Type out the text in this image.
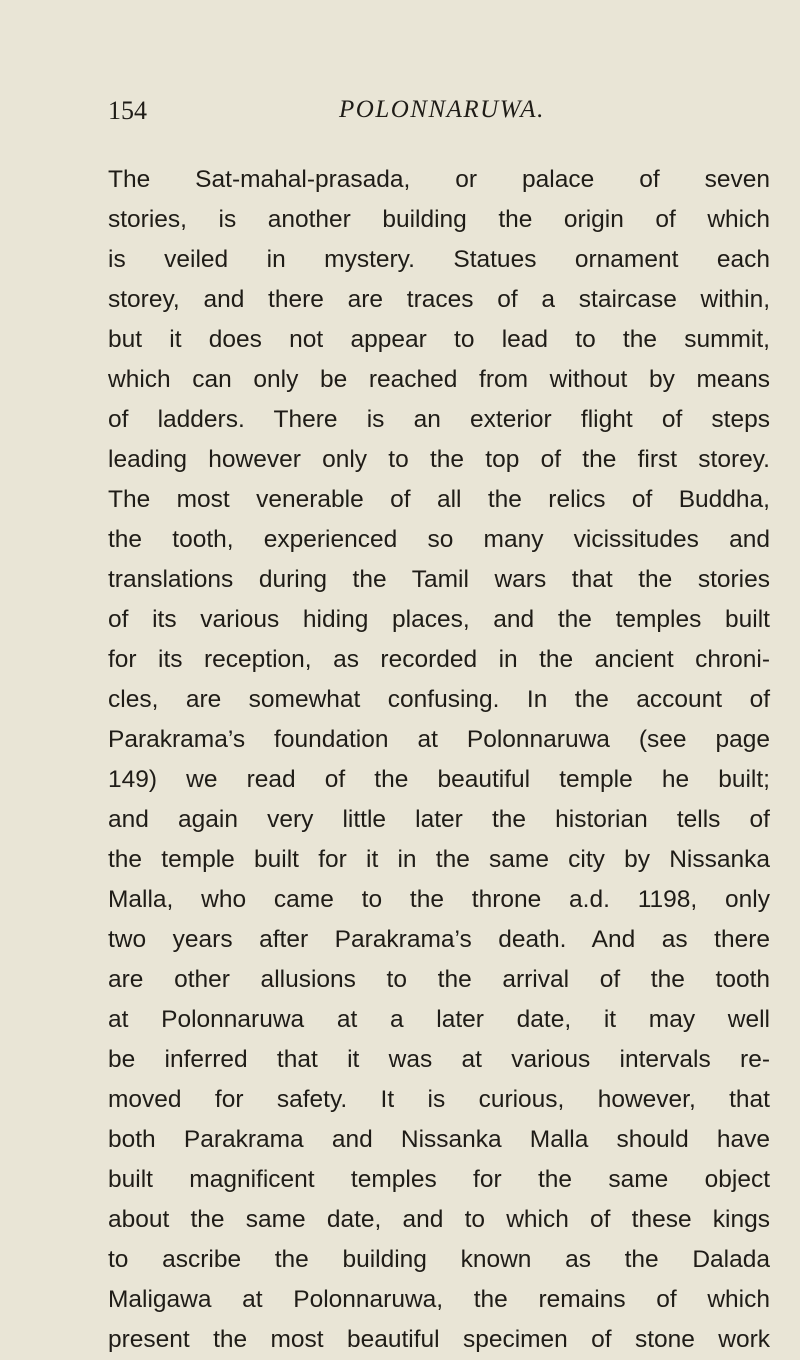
154	POLONNARUWA.
The Sat-mahal-prasada, or palace of seven
stories, is another building the origin of which
is veiled in mystery. Statues ornament each
storey, and there are traces of a staircase within,
but it does not appear to lead to the summit,
which can only be reached from without by means
of ladders. There is an exterior flight of steps
leading however only to the top of the first storey.
The most venerable of all the relics of Buddha,
the tooth, experienced so many vicissitudes and
translations during the Tamil wars that the stories
of its various hiding places, and the temples built
for its reception, as recorded in the ancient chroni-
cles, are somewhat confusing. In the account of
Parakrama’s foundation at Polonnaruwa (see page
149) we read of the beautiful temple he built;
and again very little later the historian tells of
the temple built for it in the same city by Nissanka
Malla, who came to the throne a.d. 1198, only
two years after Parakrama’s death. And as there
are other allusions to the arrival of the tooth
at Polonnaruwa at a later date, it may well
be inferred that it was at various intervals re-
moved for safety. It is curious, however, that
both Parakrama and Nissanka Malla should have
built magnificent temples for the same object
about the same date, and to which of these kings
to ascribe the building known as the Dalada
Maligawa at Polonnaruwa, the remains of which
present the most beautiful specimen of stone work
